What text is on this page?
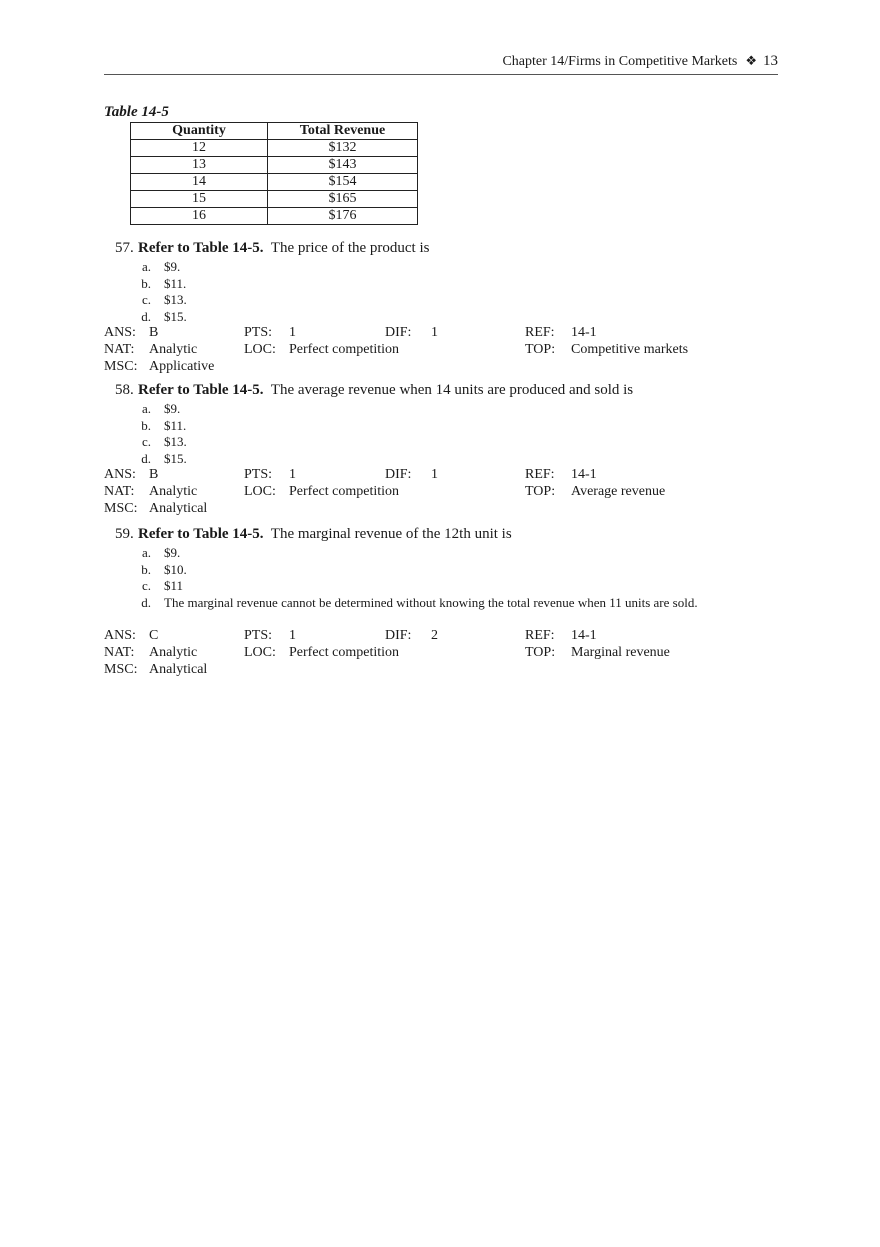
Chapter 14/Firms in Competitive Markets ❖ 13
Table 14-5
Quantity	Total Revenue
12	$132
13	$143
14	$154
15	$165
16	$176
57. Refer to Table 14-5. The price of the product is
a. $9.
b. $11.
c. $13.
d. $15.
ANS: B	PTS: 1	DIF: 1	REF: 14-1
NAT: Analytic	LOC: Perfect competition	TOP: Competitive markets
MSC: Applicative
58. Refer to Table 14-5. The average revenue when 14 units are produced and sold is
a. $9.
b. $11.
c. $13.
d. $15.
ANS: B	PTS: 1	DIF: 1	REF: 14-1
NAT: Analytic	LOC: Perfect competition	TOP: Average revenue
MSC: Analytical
59. Refer to Table 14-5. The marginal revenue of the 12th unit is
a. $9.
b. $10.
c. $11
d. The marginal revenue cannot be determined without knowing the total revenue when 11 units are sold.
ANS: C	PTS: 1	DIF: 2	REF: 14-1
NAT: Analytic	LOC: Perfect competition	TOP: Marginal revenue
MSC: Analytical
